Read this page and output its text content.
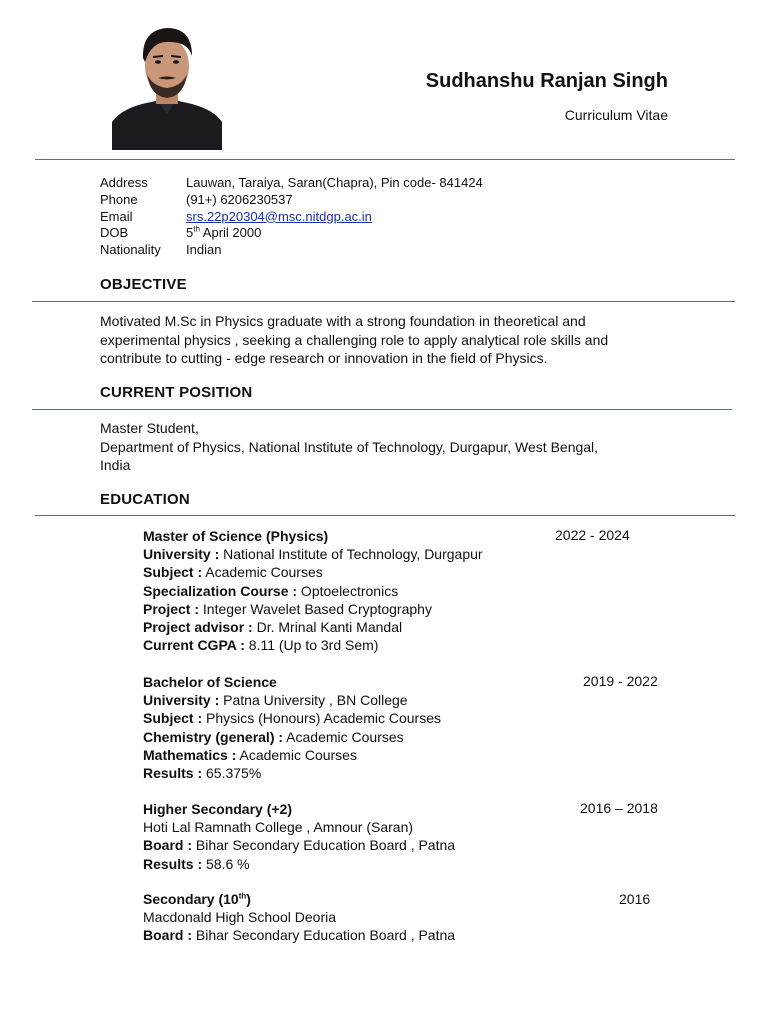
Sudhanshu Ranjan Singh
Curriculum Vitae
Address	Lauwan, Taraiya, Saran(Chapra), Pin code- 841424
Phone	(91+) 6206230537
Email	srs.22p20304@msc.nitdgp.ac.in
DOB	5th April 2000
Nationality	Indian
OBJECTIVE
Motivated M.Sc in Physics graduate with a strong foundation in theoretical and
experimental physics , seeking a challenging role to apply analytical role skills and
contribute to cutting - edge research or innovation in the field of Physics.
CURRENT POSITION
Master Student,
Department of Physics, National Institute of Technology, Durgapur, West Bengal,
India
EDUCATION
Master of Science (Physics)
University : National Institute of Technology, Durgapur
Subject : Academic Courses
Specialization Course : Optoelectronics
Project : Integer Wavelet Based Cryptography
Project advisor : Dr. Mrinal Kanti Mandal
Current CGPA : 8.11 (Up to 3rd Sem)
2022 - 2024
Bachelor of Science
University : Patna University , BN College
Subject : Physics (Honours) Academic Courses
Chemistry (general) : Academic Courses
Mathematics : Academic Courses
Results : 65.375%
2019 - 2022
Higher Secondary (+2)
Hoti Lal Ramnath College , Amnour (Saran)
Board : Bihar Secondary Education Board , Patna
Results : 58.6 %
2016 – 2018
Secondary (10th)
Macdonald High School Deoria
Board : Bihar Secondary Education Board , Patna
2016
